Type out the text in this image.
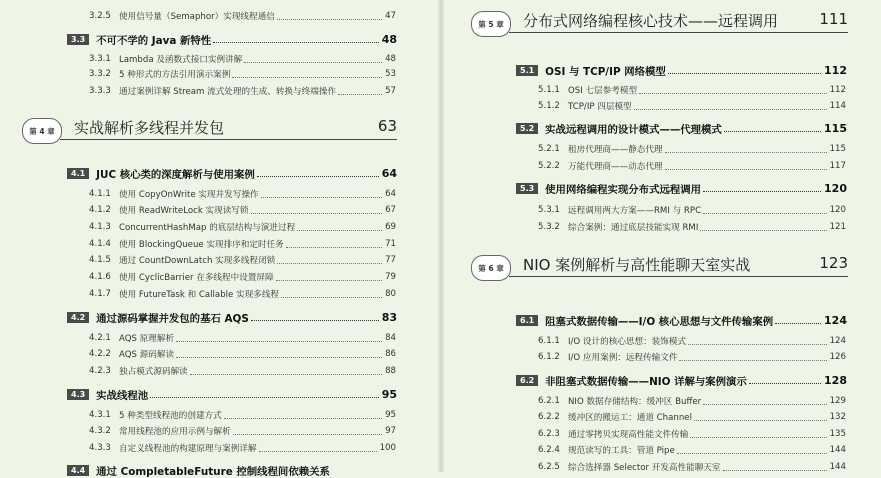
3.2.5 使用信号量（Semaphor）实现线程通信	47
3.3	不可不学的 Java 新特性	48
3.3.1 Lambda 及函数式接口实例讲解	48
3.3.2 5 种形式的方法引用演示案例	53
3.3.3 通过案例详解 Stream 流式处理的生成、转换与终端操作	57
第 4 章	实战解析多线程并发包	63
4.1	JUC 核心类的深度解析与使用案例	64
4.1.1 使用 CopyOnWrite 实现并发写操作	64
4.1.2 使用 ReadWriteLock 实现读写锁	67
4.1.3 ConcurrentHashMap 的底层结构与演进过程	69
4.1.4 使用 BlockingQueue 实现排序和定时任务	71
4.1.5 通过 CountDownLatch 实现多线程闭锁	77
4.1.6 使用 CyclicBarrier 在多线程中设置屏障	79
4.1.7 使用 FutureTask 和 Callable 实现多线程	80
4.2	通过源码掌握并发包的基石 AQS	83
4.2.1 AQS 原理解析	84
4.2.2 AQS 源码解读	86
4.2.3 独占模式源码解读	88
4.3	实战线程池	95
4.3.1 5 种类型线程池的创建方式	95
4.3.2 常用线程池的应用示例与解析	97
4.3.3 自定义线程池的构建原理与案例详解	100
4.4	通过 CompletableFuture 控制线程间依赖关系
第 5 章	分布式网络编程核心技术——远程调用	111
5.1	OSI 与 TCP/IP 网络模型	112
5.1.1 OSI 七层参考模型	112
5.1.2 TCP/IP 四层模型	114
5.2	实战远程调用的设计模式——代理模式	115
5.2.1 租房代理商——静态代理	115
5.2.2 万能代理商——动态代理	117
5.3	使用网络编程实现分布式远程调用	120
5.3.1 远程调用两大方案——RMI 与 RPC	120
5.3.2 综合案例：通过底层技能实现 RMI	121
第 6 章	NIO 案例解析与高性能聊天室实战	123
6.1	阻塞式数据传输——I/O 核心思想与文件传输案例	124
6.1.1 I/O 设计的核心思想：装饰模式	124
6.1.2 I/O 应用案例：远程传输文件	126
6.2	非阻塞式数据传输——NIO 详解与案例演示	128
6.2.1 NIO 数据存储结构：缓冲区 Buffer	129
6.2.2 缓冲区的搬运工：通道 Channel	132
6.2.3 通过零拷贝实现高性能文件传输	135
6.2.4 规范读写的工具：管道 Pipe	144
6.2.5 综合选择器 Selector 开发高性能聊天室	144
